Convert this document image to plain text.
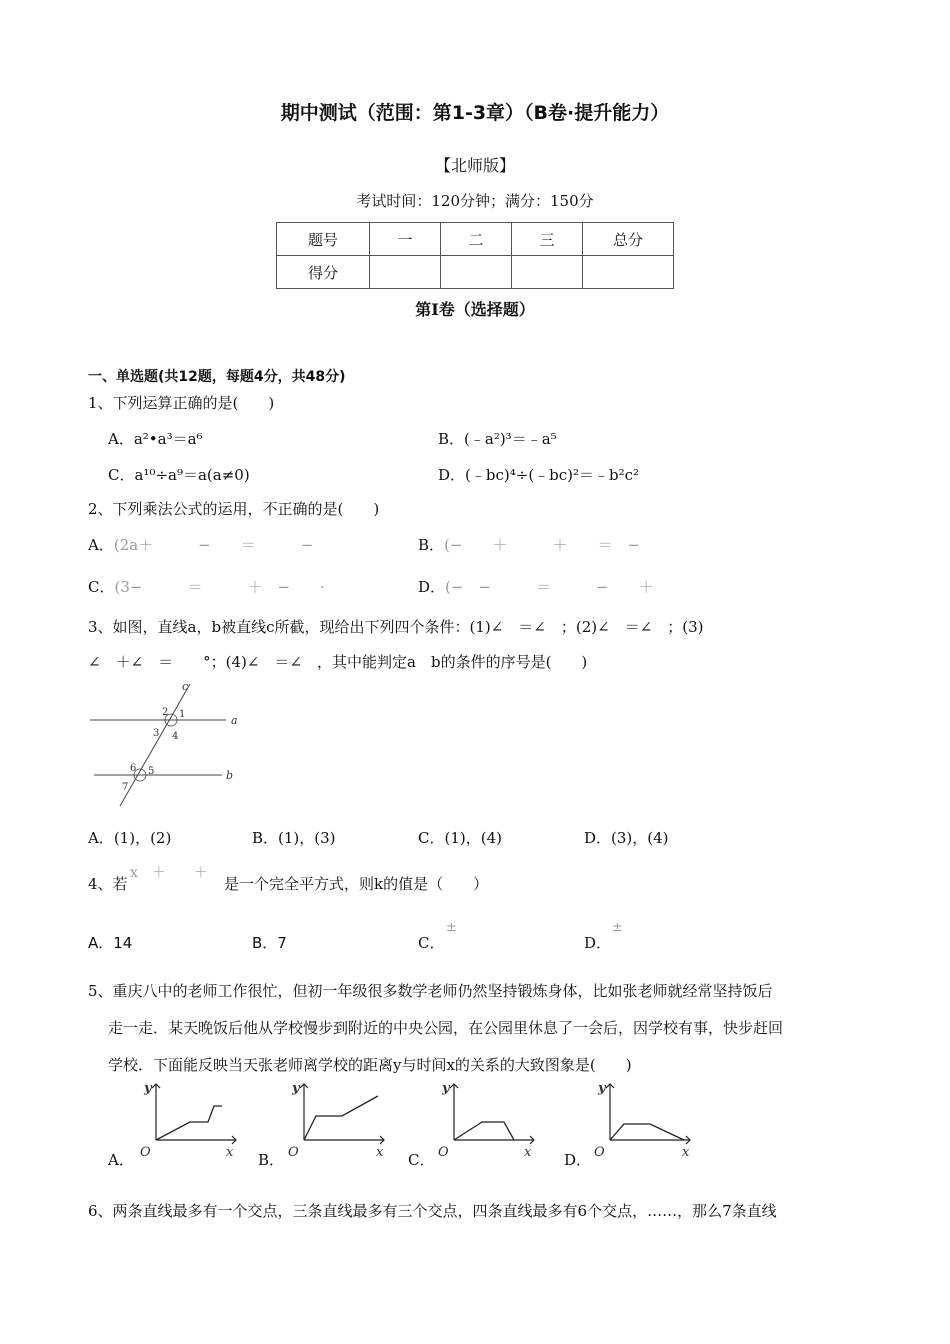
期中测试（范围：第1-3章）（B卷·提升能力）
【北师版】
考试时间：120分钟；满分：150分
题号	一	二	三	总分
得分				
第Ⅰ卷（选择题）
一、单选题(共12题，每题4分，共48分)
1、下列运算正确的是(　　)
A．a²•a³＝a⁶	B．(﹣a²)³＝﹣a⁵
C．a¹⁰÷a⁹＝a(a≠0)	D．(﹣bc)⁴÷(﹣bc)²＝﹣b²c²
2、下列乘法公式的运用，不正确的是(　　)
A．(2a＋　　　−　　＝　　　−	B．(−　　＋　　　＋　　＝　−
C．(3−　　　＝　　　＋　−　　·	D．(−　−　　　＝　　　−　　＋
3、如图，直线a，b被直线c所截，现给出下列四个条件：(1)∠　＝∠　；(2)∠　＝∠　；(3)
∠　＋∠　＝　　°；(4)∠　＝∠　，其中能判定a　b的条件的序号是(　　)
a
b
c
1
2
3 4
5
6
7
A．(1)，(2)	B．(1)，(3)	C．(1)，(4)	D．(3)，(4)
4、若
x　＋　　＋
是一个完全平方式，则k的值是（　　）
A．14	B．7	C．
±
D．
±
5、重庆八中的老师工作很忙，但初一年级很多数学老师仍然坚持锻炼身体，比如张老师就经常坚持饭后
走一走．某天晚饭后他从学校慢步到附近的中央公园，在公园里休息了一会后，因学校有事，快步赶回
学校．下面能反映当天张老师离学校的距离y与时间x的关系的大致图象是(　　)
A．
y
x
O	B．
y
x
O	C．
y
x
O	D．
y
x
O
6、两条直线最多有一个交点，三条直线最多有三个交点，四条直线最多有6个交点，……，那么7条直线
